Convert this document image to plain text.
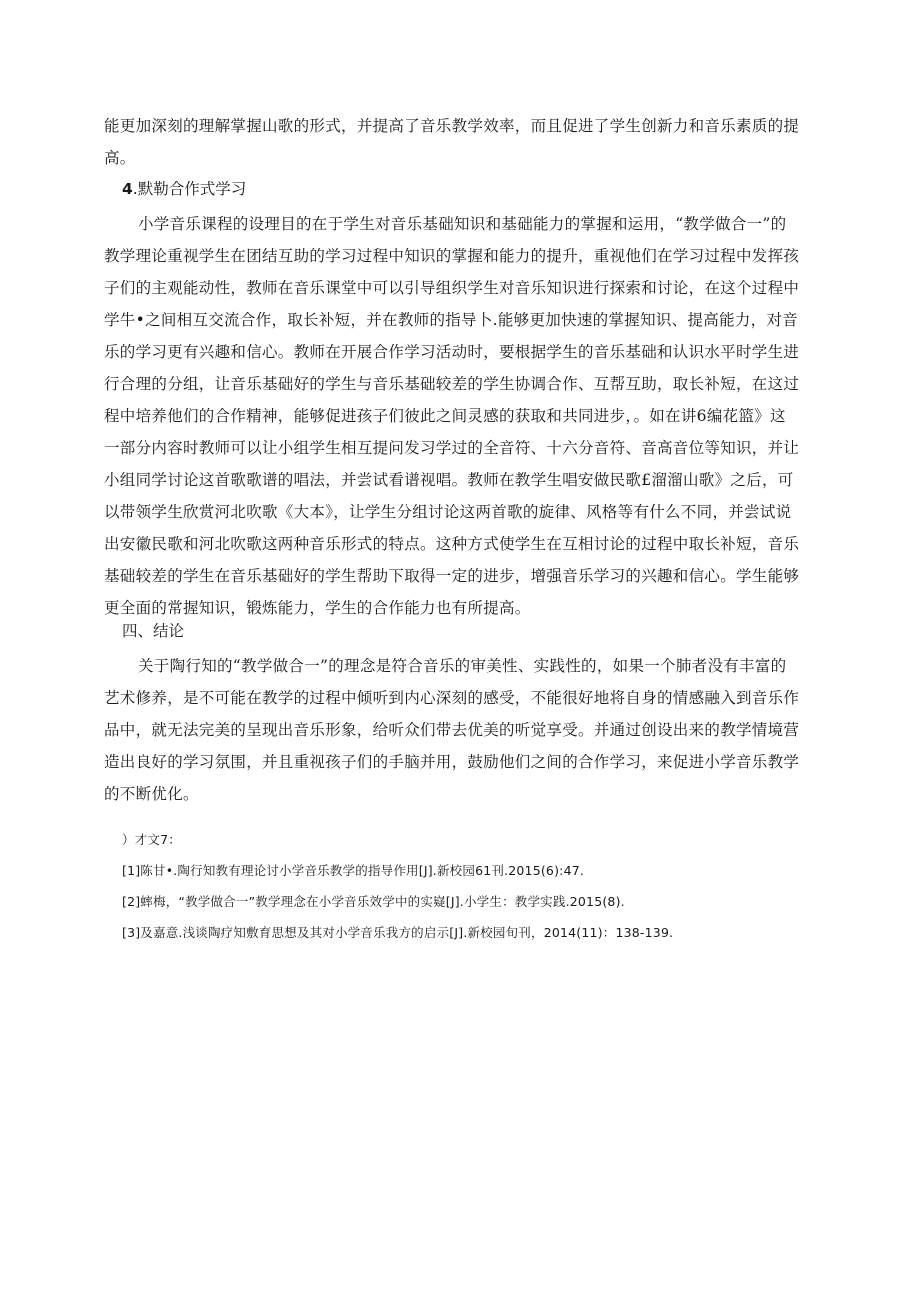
能更加深刻的理解掌握山歌的形式，并提高了音乐教学效率，而且促进了学生创新力和音乐素质的提
高。
4.默勒合作式学习
小学音乐课程的设理目的在于学生对音乐基础知识和基础能力的掌握和运用，“教学做合一”的
教学理论重视学生在团结互助的学习过程中知识的掌握和能力的提升，重视他们在学习过程中发挥孩
子们的主观能动性，教师在音乐课堂中可以引导组织学生对音乐知识进行探索和讨论，在这个过程中
学牛•之间相互交流合作，取长补短，并在教师的指导卜.能够更加快速的掌握知识、提高能力，对音
乐的学习更有兴趣和信心。教师在开展合作学习活动时，要根据学生的音乐基础和认识水平时学生进
行合理的分组，让音乐基础好的学生与音乐基础较差的学生协调合作、互帮互助，取长补短，在这过
程中培养他们的合作精神，能够促进孩子们彼此之间灵感的获取和共同进步，。如在讲6编花篮》这
一部分内容时教师可以让小组学生相互提问发习学过的全音符、十六分音符、音高音位等知识，并让
小组同学讨论这首歌歌谱的唱法，并尝试看谱视唱。教师在教学生唱安做民歌£溜溜山歌》之后，可
以带领学生欣赏河北吹歌《大本》，让学生分组讨论这两首歌的旋律、风格等有什么不同，并尝试说
出安徽民歌和河北吹歌这两种音乐形式的特点。这种方式使学生在互相讨论的过程中取长补短，音乐
基础较差的学生在音乐基础好的学生帮助下取得一定的进步，增强音乐学习的兴趣和信心。学生能够
更全面的常握知识，锻炼能力，学生的合作能力也有所提高。
四、结论
关于陶行知的“教学做合一”的理念是符合音乐的审美性、实践性的，如果一个肺者没有丰富的
艺术修养，是不可能在教学的过程中倾听到内心深刻的感受，不能很好地将自身的情感融入到音乐作
品中，就无法完美的呈现出音乐形象，给听众们带去优美的听觉享受。并通过创设出来的教学情境营
造出良好的学习氛围，并且重视孩子们的手脑并用，鼓励他们之间的合作学习，来促进小学音乐教学
的不断优化。
）才文7：
[1]陈甘•.陶行知教有理论讨小学音乐教学的指导作用[J].新校园61刊.2015(6):47.
[2]蟀梅，“教学做合一”教学理念在小学音乐效学中的实嶷[J].小学生：教学实践.2015(8).
[3]及嘉意.浅谈陶疗知敷育思想及其对小学音乐我方的启示[J].新校园旬刊，2014(11)：138-139.
